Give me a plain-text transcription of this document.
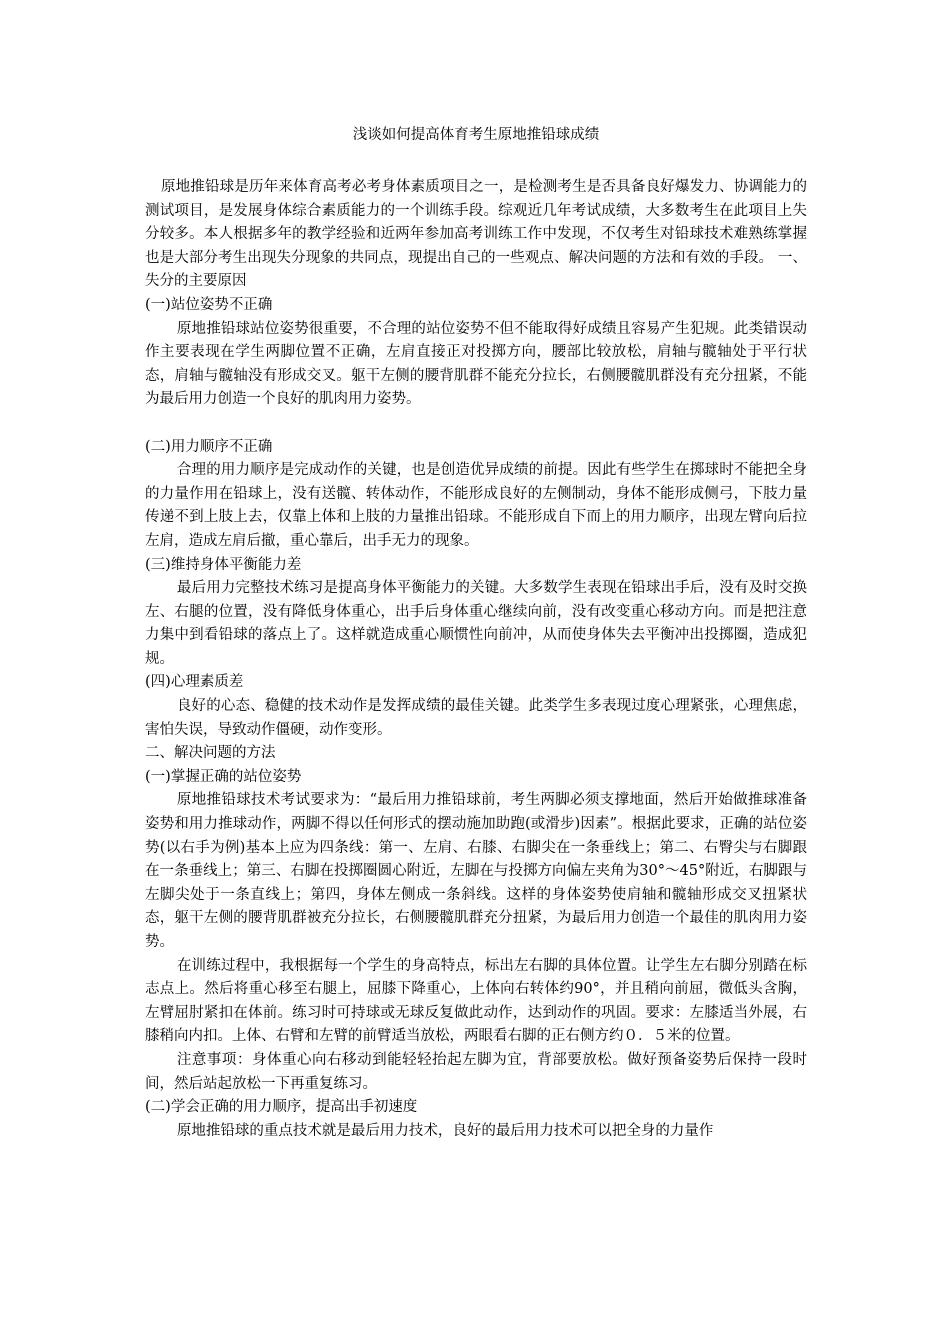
浅谈如何提高体育考生原地推铅球成绩

原地推铅球是历年来体育高考必考身体素质项目之一，是检测考生是否具备良好爆发力、协调能力的测试项目，是发展身体综合素质能力的一个训练手段。综观近几年考试成绩，大多数考生在此项目上失分较多。本人根据多年的教学经验和近两年参加高考训练工作中发现，不仅考生对铅球技术难熟练掌握也是大部分考生出现失分现象的共同点，现提出自己的一些观点、解决问题的方法和有效的手段。 一、失分的主要原因

(一)站位姿势不正确

原地推铅球站位姿势很重要，不合理的站位姿势不但不能取得好成绩且容易产生犯规。此类错误动作主要表现在学生两脚位置不正确，左肩直接正对投掷方向，腰部比较放松，肩轴与髋轴处于平行状态，肩轴与髋轴没有形成交叉。躯干左侧的腰背肌群不能充分拉长，右侧腰髋肌群没有充分扭紧，不能为最后用力创造一个良好的肌肉用力姿势。

(二)用力顺序不正确

合理的用力顺序是完成动作的关键，也是创造优异成绩的前提。因此有些学生在掷球时不能把全身的力量作用在铅球上，没有送髋、转体动作，不能形成良好的左侧制动，身体不能形成侧弓，下肢力量传递不到上肢上去，仅靠上体和上肢的力量推出铅球。不能形成自下而上的用力顺序，出现左臂向后拉左肩，造成左肩后撤，重心靠后，出手无力的现象。

(三)维持身体平衡能力差

最后用力完整技术练习是提高身体平衡能力的关键。大多数学生表现在铅球出手后，没有及时交换左、右腿的位置，没有降低身体重心，出手后身体重心继续向前，没有改变重心移动方向。而是把注意力集中到看铅球的落点上了。这样就造成重心顺惯性向前冲，从而使身体失去平衡冲出投掷圈，造成犯规。

(四)心理素质差

良好的心态、稳健的技术动作是发挥成绩的最佳关键。此类学生多表现过度心理紧张，心理焦虑，害怕失误，导致动作僵硬，动作变形。

二、解决问题的方法

(一)掌握正确的站位姿势

原地推铅球技术考试要求为：“最后用力推铅球前，考生两脚必须支撑地面，然后开始做推球准备姿势和用力推球动作，两脚不得以任何形式的摆动施加助跑(或滑步)因素”。根据此要求，正确的站位姿势(以右手为例)基本上应为四条线：第一、左肩、右膝、右脚尖在一条垂线上；第二、右臀尖与右脚跟在一条垂线上；第三、右脚在投掷圈圆心附近，左脚在与投掷方向偏左夹角为30°～45°附近，右脚跟与左脚尖处于一条直线上；第四，身体左侧成一条斜线。这样的身体姿势使肩轴和髋轴形成交叉扭紧状态，躯干左侧的腰背肌群被充分拉长，右侧腰髋肌群充分扭紧，为最后用力创造一个最佳的肌肉用力姿势。

在训练过程中，我根据每一个学生的身高特点，标出左右脚的具体位置。让学生左右脚分别踏在标志点上。然后将重心移至右腿上，屈膝下降重心，上体向右转体约90°，并且稍向前屈，微低头含胸，左臂屈肘紧扣在体前。练习时可持球或无球反复做此动作，达到动作的巩固。要求：左膝适当外展，右膝稍向内扣。上体、右臂和左臂的前臂适当放松，两眼看右脚的正右侧方约０．５米的位置。

注意事项：身体重心向右移动到能轻轻抬起左脚为宜，背部要放松。做好预备姿势后保持一段时间，然后站起放松一下再重复练习。

(二)学会正确的用力顺序，提高出手初速度

原地推铅球的重点技术就是最后用力技术，良好的最后用力技术可以把全身的力量作
